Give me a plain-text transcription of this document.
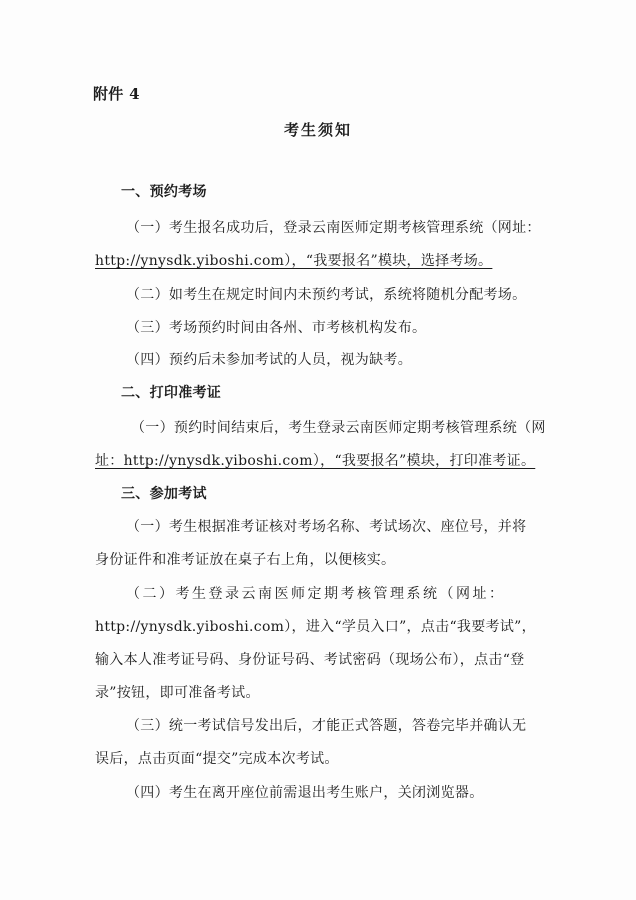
附件 4
考生须知
一、预约考场
（一）考生报名成功后，登录云南医师定期考核管理系统（网址：
http://ynysdk.yiboshi.com），“我要报名”模块，选择考场。
（二）如考生在规定时间内未预约考试，系统将随机分配考场。
（三）考场预约时间由各州、市考核机构发布。
（四）预约后未参加考试的人员，视为缺考。
二、打印准考证
（一）预约时间结束后，考生登录云南医师定期考核管理系统（网
址：http://ynysdk.yiboshi.com），“我要报名”模块，打印准考证。
三、参加考试
（一）考生根据准考证核对考场名称、考试场次、座位号，并将
身份证件和准考证放在桌子右上角，以便核实。
（二）考生登录云南医师定期考核管理系统（网址：
http://ynysdk.yiboshi.com），进入“学员入口”，点击“我要考试”，
输入本人准考证号码、身份证号码、考试密码（现场公布），点击“登
录”按钮，即可准备考试。
（三）统一考试信号发出后，才能正式答题，答卷完毕并确认无
误后，点击页面“提交”完成本次考试。
（四）考生在离开座位前需退出考生账户，关闭浏览器。
